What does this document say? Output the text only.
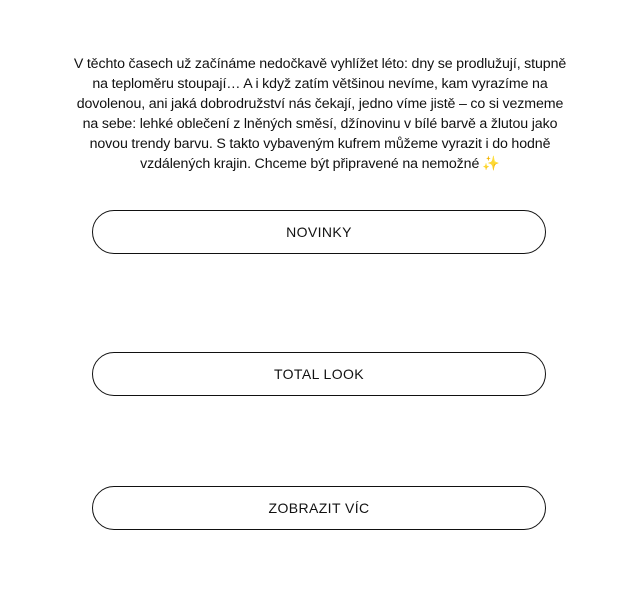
V těchto časech už začínáme nedočkavě vyhlížet léto: dny se prodlužují, stupně na teploměru stoupají… A i když zatím většinou nevíme, kam vyrazíme na dovolenou, ani jaká dobrodružství nás čekají, jedno víme jistě – co si vezmeme na sebe: lehké oblečení z lněných směsí, džínovinu v bílé barvě a žlutou jako novou trendy barvu. S takto vybaveným kufrem můžeme vyrazit i do hodně vzdálených krajin. Chceme být připravené na nemožné ✨

NOVINKY
TOTAL LOOK
ZOBRAZIT VÍC
